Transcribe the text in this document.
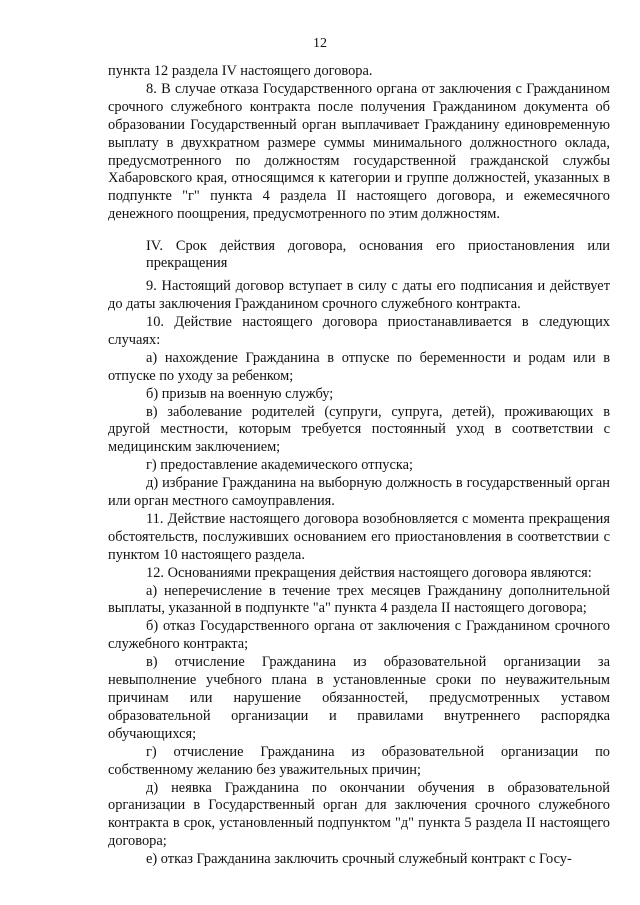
12

пункта 12 раздела IV настоящего договора.

8. В случае отказа Государственного органа от заключения с Гражданином срочного служебного контракта после получения Гражданином документа об образовании Государственный орган выплачивает Гражданину единовременную выплату в двухкратном размере суммы минимального должностного оклада, предусмотренного по должностям государственной гражданской службы Хабаровского края, относящимся к категории и группе должностей, указанных в подпункте "г" пункта 4 раздела II настоящего договора, и ежемесячного денежного поощрения, предусмотренного по этим должностям.

IV. Срок действия договора, основания его приостановления или прекращения

9. Настоящий договор вступает в силу с даты его подписания и действует до даты заключения Гражданином срочного служебного контракта.

10. Действие настоящего договора приостанавливается в следующих случаях:

а) нахождение Гражданина в отпуске по беременности и родам или в отпуске по уходу за ребенком;

б) призыв на военную службу;

в) заболевание родителей (супруги, супруга, детей), проживающих в другой местности, которым требуется постоянный уход в соответствии с медицинским заключением;

г) предоставление академического отпуска;

д) избрание Гражданина на выборную должность в государственный орган или орган местного самоуправления.

11. Действие настоящего договора возобновляется с момента прекращения обстоятельств, послуживших основанием его приостановления в соответствии с пунктом 10 настоящего раздела.

12. Основаниями прекращения действия настоящего договора являются:

а) неперечисление в течение трех месяцев Гражданину дополнительной выплаты, указанной в подпункте "а" пункта 4 раздела II настоящего договора;

б) отказ Государственного органа от заключения с Гражданином срочного служебного контракта;

в) отчисление Гражданина из образовательной организации за невыполнение учебного плана в установленные сроки по неуважительным причинам или нарушение обязанностей, предусмотренных уставом образовательной организации и правилами внутреннего распорядка обучающихся;

г) отчисление Гражданина из образовательной организации по собственному желанию без уважительных причин;

д) неявка Гражданина по окончании обучения в образовательной организации в Государственный орган для заключения срочного служебного контракта в срок, установленный подпунктом "д" пункта 5 раздела II настоящего договора;

е) отказ Гражданина заключить срочный служебный контракт с Госу-
